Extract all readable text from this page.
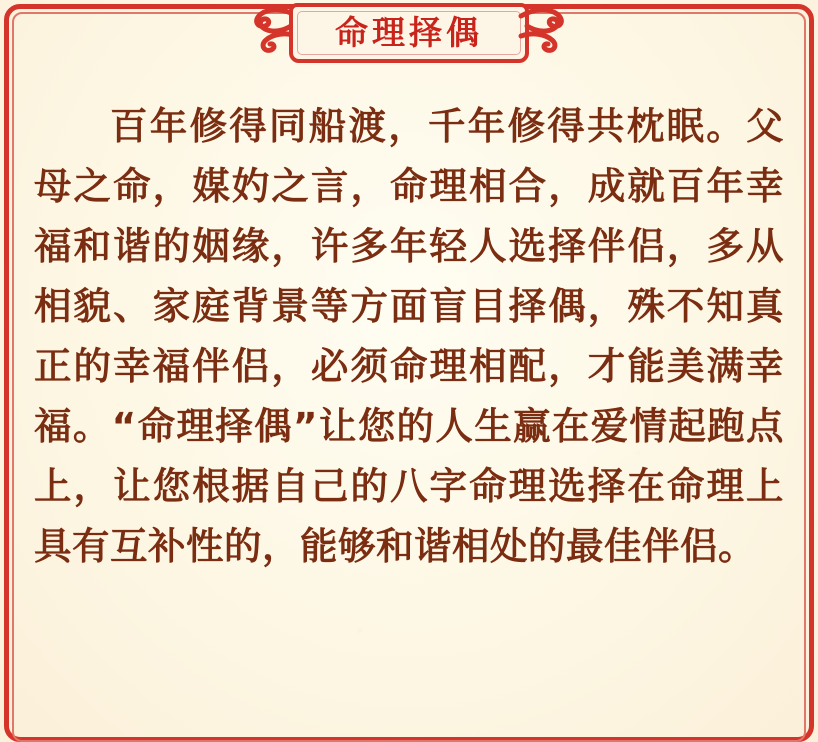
命理择偶

百年修得同船渡，千年修得共枕眠。父母之命，媒妁之言，命理相合，成就百年幸福和谐的姻缘，许多年轻人选择伴侣，多从相貌、家庭背景等方面盲目择偶，殊不知真正的幸福伴侣，必须命理相配，才能美满幸福。“命理择偶”让您的人生赢在爱情起跑点上，让您根据自己的八字命理选择在命理上具有互补性的，能够和谐相处的最佳伴侣。
